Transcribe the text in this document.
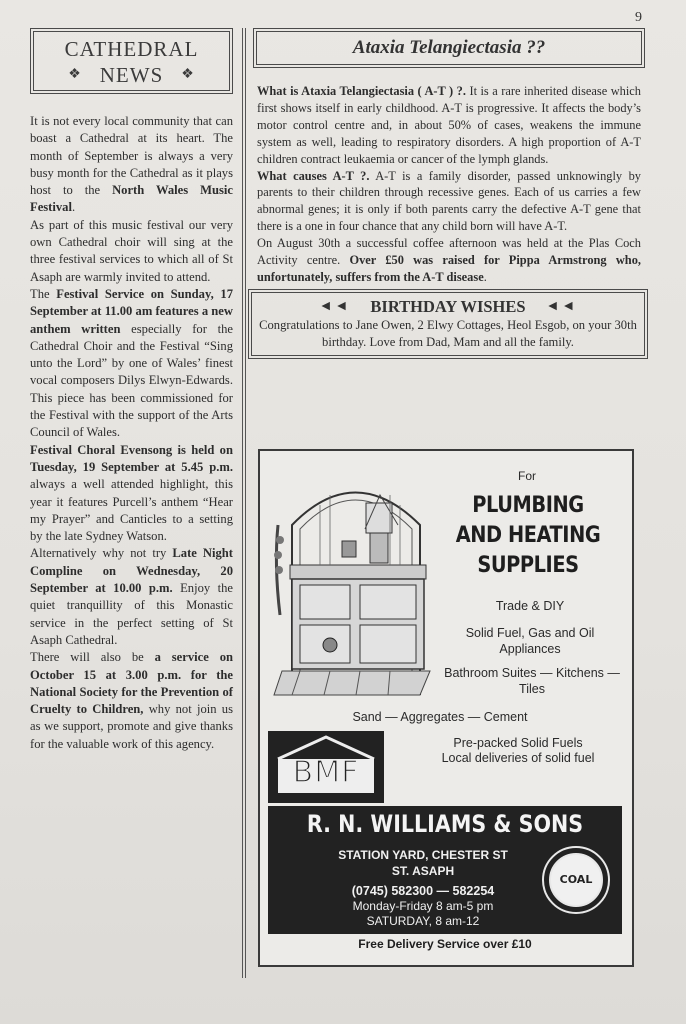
9
CATHEDRAL
❖ NEWS ❖

It is not every local community that can boast a Cathedral at its heart. The month of September is always a very busy month for the Cathedral as it plays host to the North Wales Music Festival.

As part of this music festival our very own Cathedral choir will sing at the three festival services to which all of St Asaph are warmly invited to attend.

The Festival Service on Sunday, 17 September at 11.00 am features a new anthem written especially for the Cathedral Choir and the Festival “Sing unto the Lord” by one of Wales’ finest vocal composers Dilys Elwyn-Edwards. This piece has been commissioned for the Festival with the support of the Arts Council of Wales.

Festival Choral Evensong is held on Tuesday, 19 September at 5.45 p.m. always a well attended highlight, this year it features Purcell’s anthem “Hear my Prayer” and Canticles to a setting by the late Sydney Watson.

Alternatively why not try Late Night Compline on Wednesday, 20 September at 10.00 p.m. Enjoy the quiet tranquillity of this Monastic service in the perfect setting of St Asaph Cathedral.

There will also be a service on October 15 at 3.00 p.m. for the National Society for the Prevention of Cruelty to Children, why not join us as we support, promote and give thanks for the valuable work of this agency.

Ataxia Telangiectasia ??

What is Ataxia Telangiectasia ( A-T ) ?. It is a rare inherited disease which first shows itself in early childhood. A-T is progressive. It affects the body’s motor control centre and, in about 50% of cases, weakens the immune system as well, leading to respiratory disorders. A high proportion of A-T children contract leukaemia or cancer of the lymph glands.

What causes A-T ?. A-T is a family disorder, passed unknowingly by parents to their children through recessive genes. Each of us carries a few abnormal genes; it is only if both parents carry the defective A-T gene that there is a one in four chance that any child born will have A-T.

On August 30th a successful coffee afternoon was held at the Plas Coch Activity centre. Over £50 was raised for Pippa Armstrong who, unfortunately, suffers from the A-T disease.

◄◄ BIRTHDAY WISHES ◄◄
Congratulations to Jane Owen, 2 Elwy Cottages, Heol Esgob, on your 30th birthday. Love from Dad, Mam and all the family.
For
PLUMBING
AND HEATING
SUPPLIES
Trade & DIY
Solid Fuel, Gas and Oil Appliances
Bathroom Suites — Kitchens — Tiles
Sand — Aggregates — Cement
Pre-packed Solid Fuels
Local deliveries of solid fuel
BMF
R. N. WILLIAMS & SONS
STATION YARD, CHESTER ST
ST. ASAPH
(0745) 582300 — 582254
Monday-Friday 8 am-5 pm
SATURDAY, 8 am-12
COAL
Free Delivery Service over £10
